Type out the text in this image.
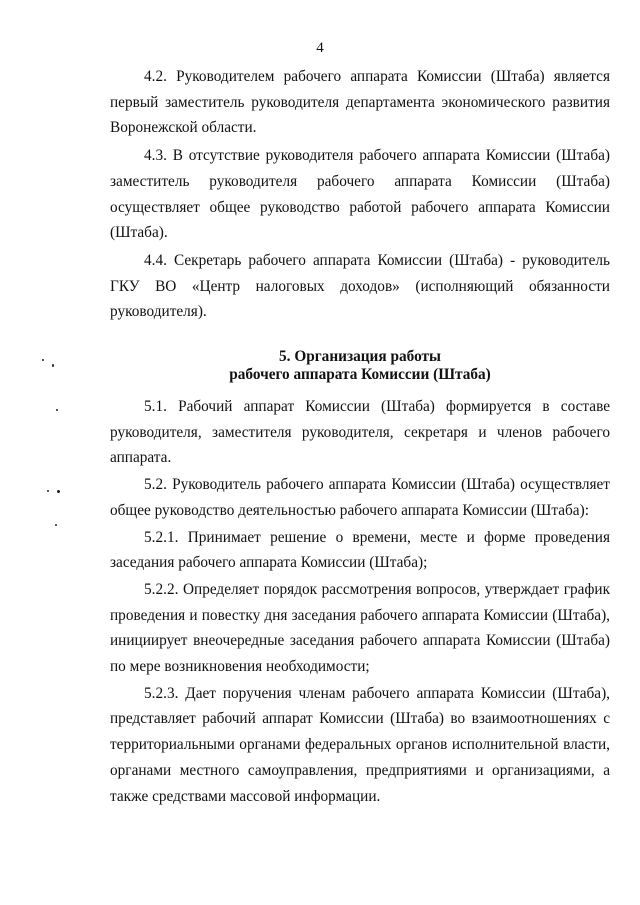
4

4.2. Руководителем рабочего аппарата Комиссии (Штаба) является первый заместитель руководителя департамента экономического развития Воронежской области.

4.3. В отсутствие руководителя рабочего аппарата Комиссии (Штаба) заместитель руководителя рабочего аппарата Комиссии (Штаба) осуществляет общее руководство работой рабочего аппарата Комиссии (Штаба).

4.4. Секретарь рабочего аппарата Комиссии (Штаба) - руководитель ГКУ ВО «Центр налоговых доходов» (исполняющий обязанности руководителя).

5. Организация работы
рабочего аппарата Комиссии (Штаба)

5.1. Рабочий аппарат Комиссии (Штаба) формируется в составе руководителя, заместителя руководителя, секретаря и членов рабочего аппарата.

5.2. Руководитель рабочего аппарата Комиссии (Штаба) осуществляет общее руководство деятельностью рабочего аппарата Комиссии (Штаба):

5.2.1. Принимает решение о времени, месте и форме проведения заседания рабочего аппарата Комиссии (Штаба);

5.2.2. Определяет порядок рассмотрения вопросов, утверждает график проведения и повестку дня заседания рабочего аппарата Комиссии (Штаба), инициирует внеочередные заседания рабочего аппарата Комиссии (Штаба) по мере возникновения необходимости;

5.2.3. Дает поручения членам рабочего аппарата Комиссии (Штаба), представляет рабочий аппарат Комиссии (Штаба) во взаимоотношениях с территориальными органами федеральных органов исполнительной власти, органами местного самоуправления, предприятиями и организациями, а также средствами массовой информации.
